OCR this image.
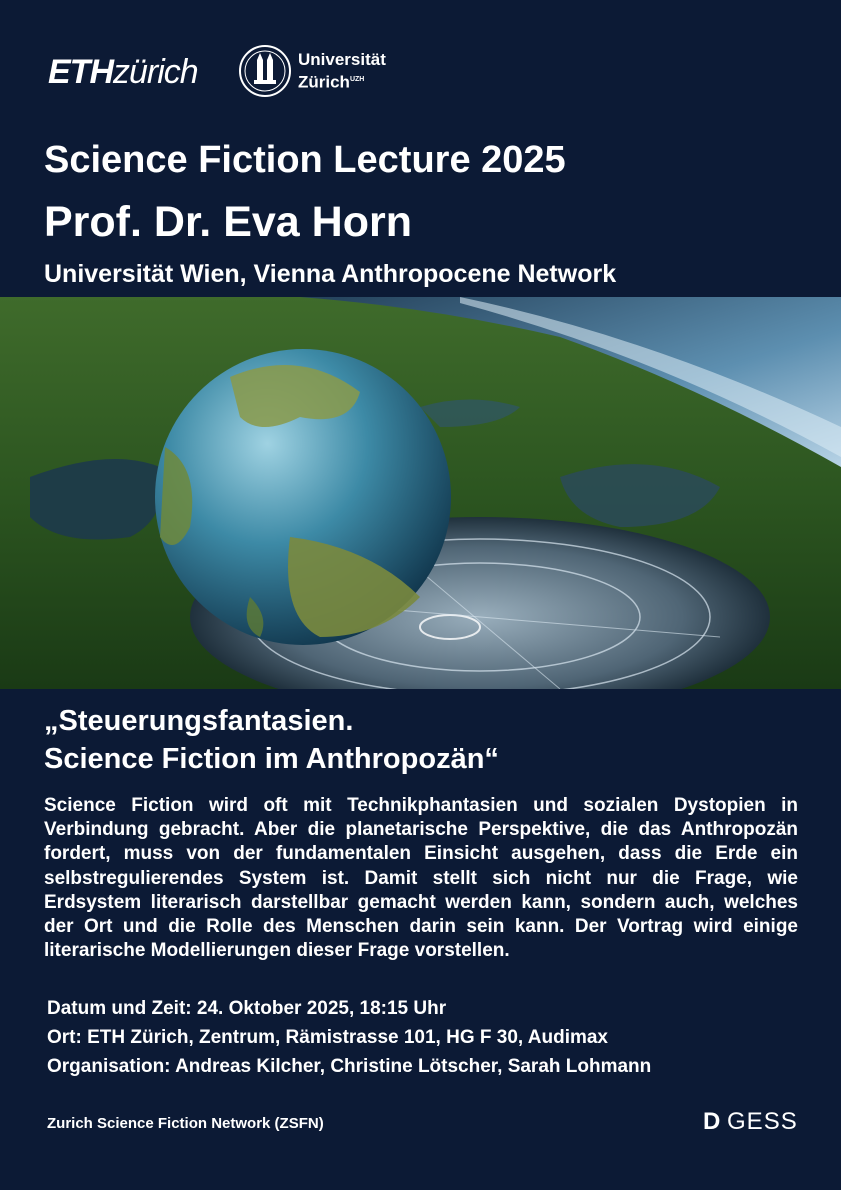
ETHzürich	Universität
Zürich$^{UZH}$
Science Fiction Lecture 2025
Prof. Dr. Eva Horn
Universität Wien, Vienna Anthropocene Network
„Steuerungsfantasien.
Science Fiction im Anthropozän“

Science Fiction wird oft mit Technikphantasien und sozialen Dystopien in Verbindung gebracht. Aber die planetarische Perspektive, die das Anthropozän fordert, muss von der fundamentalen Einsicht ausgehen, dass die Erde ein selbstregulierendes System ist. Damit stellt sich nicht nur die Frage, wie Erdsystem literarisch darstellbar gemacht werden kann, sondern auch, welches der Ort und die Rolle des Menschen darin sein kann. Der Vortrag wird einige literarische Modellierungen dieser Frage vorstellen.

Datum und Zeit: 24. Oktober 2025, 18:15 Uhr
Ort: ETH Zürich, Zentrum, Rämistrasse 101, HG F 30, Audimax
Organisation: Andreas Kilcher, Christine Lötscher, Sarah Lohmann
Zurich Science Fiction Network (ZSFN)	D GESS
